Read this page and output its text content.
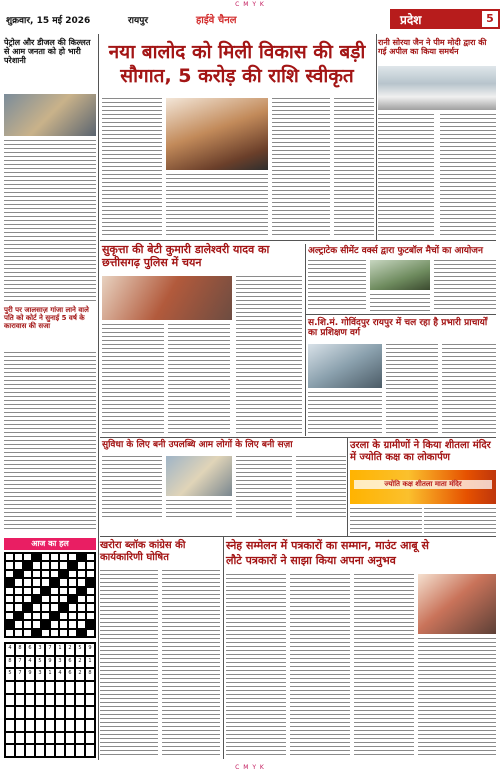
C M Y K
शुक्रवार, 15 मई 2026	रायपुर	हाईवे चैनल	प्रदेश	5
पेट्रोल और डीजल की किल्लत से आम जनता को हो भारी परेशानी
पुरी पर जालसाज़ गांजा लाने वाले पति को कोर्ट ने सुनाई 5 वर्ष के कारावास की सजा
नया बालोद को मिली विकास की बड़ी
सौगात, 5 करोड़ की राशि स्वीकृत
रानी सोरया जैन ने पीम मोदी द्वारा की गई अपील का किया समर्थन
सुकृत्ता की बेटी कुमारी डालेश्वरी यादव का छत्तीसगढ़ पुलिस में चयन
अल्ट्राटेक सीमेंट वर्क्स द्वारा फुटबॉल मैचों का आयोजन
स.शि.मं. गोविंदपुर रायपुर में चल रहा है प्रभारी प्राचार्यों का प्रशिक्षण वर्ग
सुविधा के लिए बनी उपलब्धि आम लोगों के लिए बनी सज़ा	उरला के ग्रामीणों ने किया शीतला मंदिर में ज्योति कक्ष का लोकार्पण
ज्योति कक्ष शीतला माता मंदिर
आज का हल
4	8	6	3	7	1	2	5	9
8	7	4	5	9	3	6	2	1
5	7	9	3	1	4	6	2	8
खरोरा ब्लॉक कांग्रेस की कार्यकारिणी घोषित
स्नेह सम्मेलन में पत्रकारों का सम्मान, माउंट आबू से
लौटे पत्रकारों ने साझा किया अपना अनुभव
C M Y K
